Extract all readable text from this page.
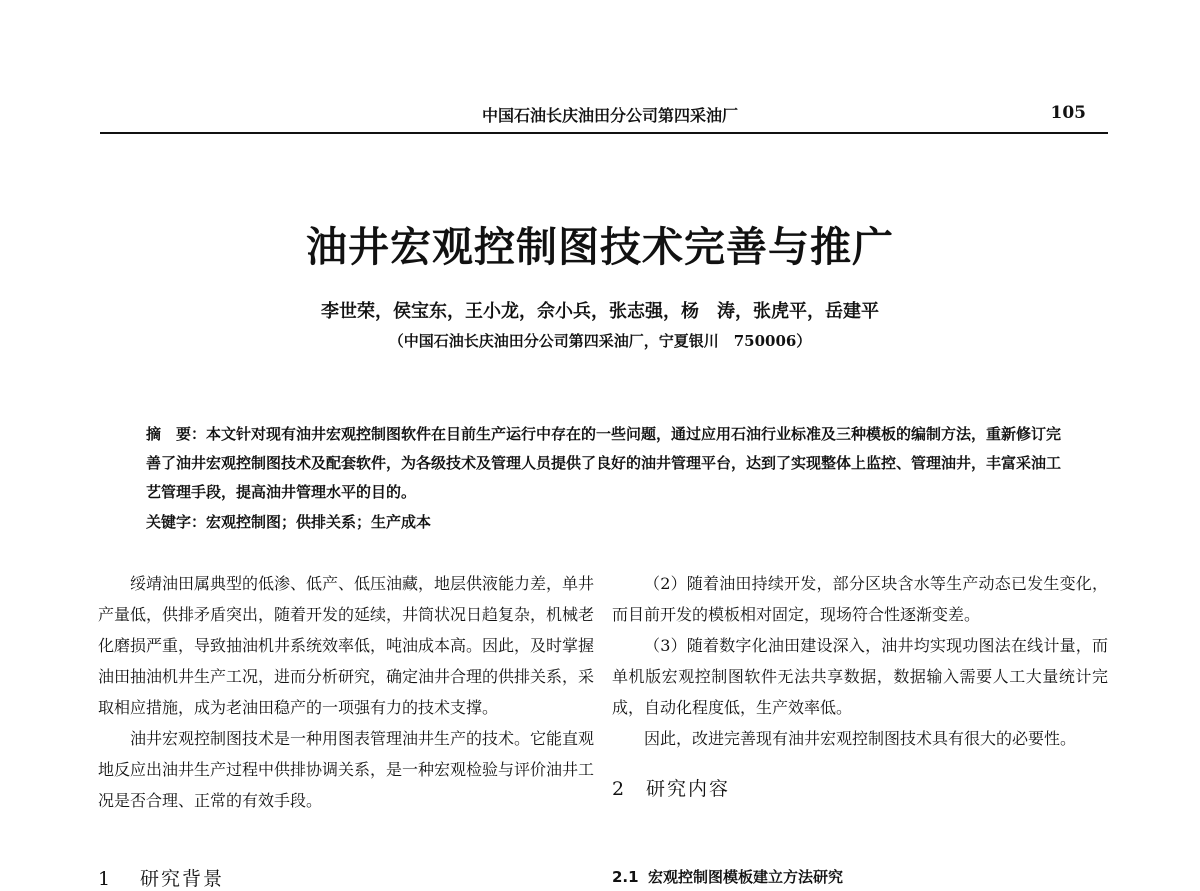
中国石油长庆油田分公司第四采油厂	105
油井宏观控制图技术完善与推广
李世荣，侯宝东，王小龙，佘小兵，张志强，杨　涛，张虎平，岳建平
（中国石油长庆油田分公司第四采油厂，宁夏银川　750006）
摘　要：本文针对现有油井宏观控制图软件在目前生产运行中存在的一些问题，通过应用石油行业标准及三种模板的编制方法，重新修订完善了油井宏观控制图技术及配套软件，为各级技术及管理人员提供了良好的油井管理平台，达到了实现整体上监控、管理油井，丰富采油工艺管理手段，提高油井管理水平的目的。
关键字：宏观控制图；供排关系；生产成本

绥靖油田属典型的低渗、低产、低压油藏，地层供液能力差，单井产量低，供排矛盾突出，随着开发的延续，井筒状况日趋复杂，机械老化磨损严重，导致抽油机井系统效率低，吨油成本高。因此，及时掌握油田抽油机井生产工况，进而分析研究，确定油井合理的供排关系，采取相应措施，成为老油田稳产的一项强有力的技术支撑。

油井宏观控制图技术是一种用图表管理油井生产的技术。它能直观地反应出油井生产过程中供排协调关系，是一种宏观检验与评价油井工况是否合理、正常的有效手段。

1 研究背景

（2）随着油田持续开发，部分区块含水等生产动态已发生变化，而目前开发的模板相对固定，现场符合性逐渐变差。

（3）随着数字化油田建设深入，油井均实现功图法在线计量，而单机版宏观控制图软件无法共享数据，数据输入需要人工大量统计完成，自动化程度低，生产效率低。

因此，改进完善现有油井宏观控制图技术具有很大的必要性。

2 研究内容
2.1 宏观控制图模板建立方法研究
